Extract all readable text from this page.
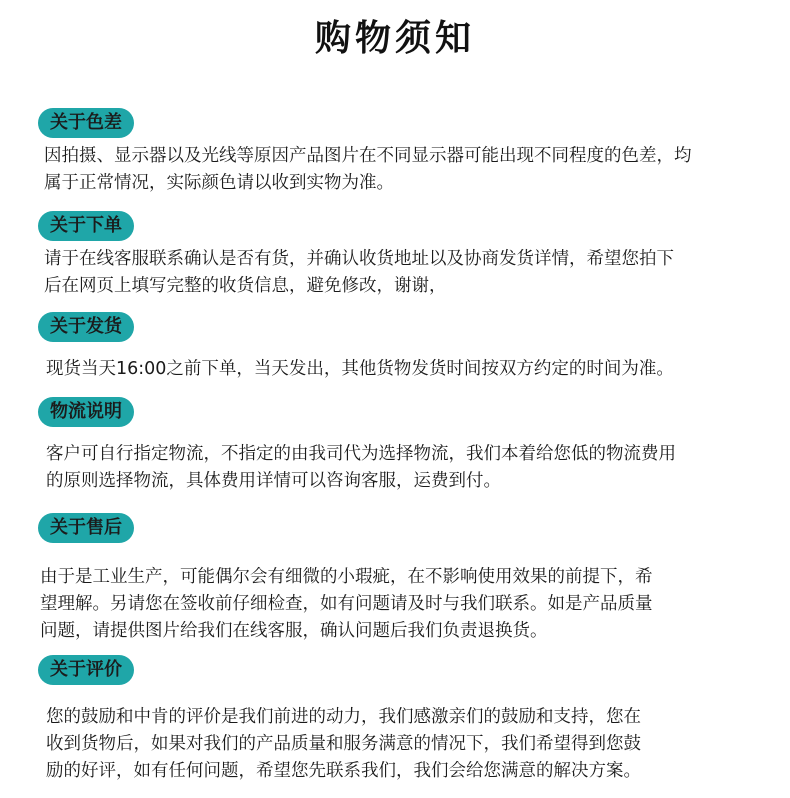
购物须知
关于色差
因拍摄、显示器以及光线等原因产品图片在不同显示器可能出现不同程度的色差，均
属于正常情况，实际颜色请以收到实物为准。
关于下单
请于在线客服联系确认是否有货，并确认收货地址以及协商发货详情，希望您拍下
后在网页上填写完整的收货信息，避免修改，谢谢，
关于发货
现货当天16:00之前下单，当天发出，其他货物发货时间按双方约定的时间为准。
物流说明
客户可自行指定物流，不指定的由我司代为选择物流，我们本着给您低的物流费用
的原则选择物流，具体费用详情可以咨询客服，运费到付。
关于售后
由于是工业生产，可能偶尔会有细微的小瑕疵，在不影响使用效果的前提下，希
望理解。另请您在签收前仔细检查，如有问题请及时与我们联系。如是产品质量
问题，请提供图片给我们在线客服，确认问题后我们负责退换货。
关于评价
您的鼓励和中肯的评价是我们前进的动力，我们感激亲们的鼓励和支持，您在
收到货物后，如果对我们的产品质量和服务满意的情况下，我们希望得到您鼓
励的好评，如有任何问题，希望您先联系我们，我们会给您满意的解决方案。
